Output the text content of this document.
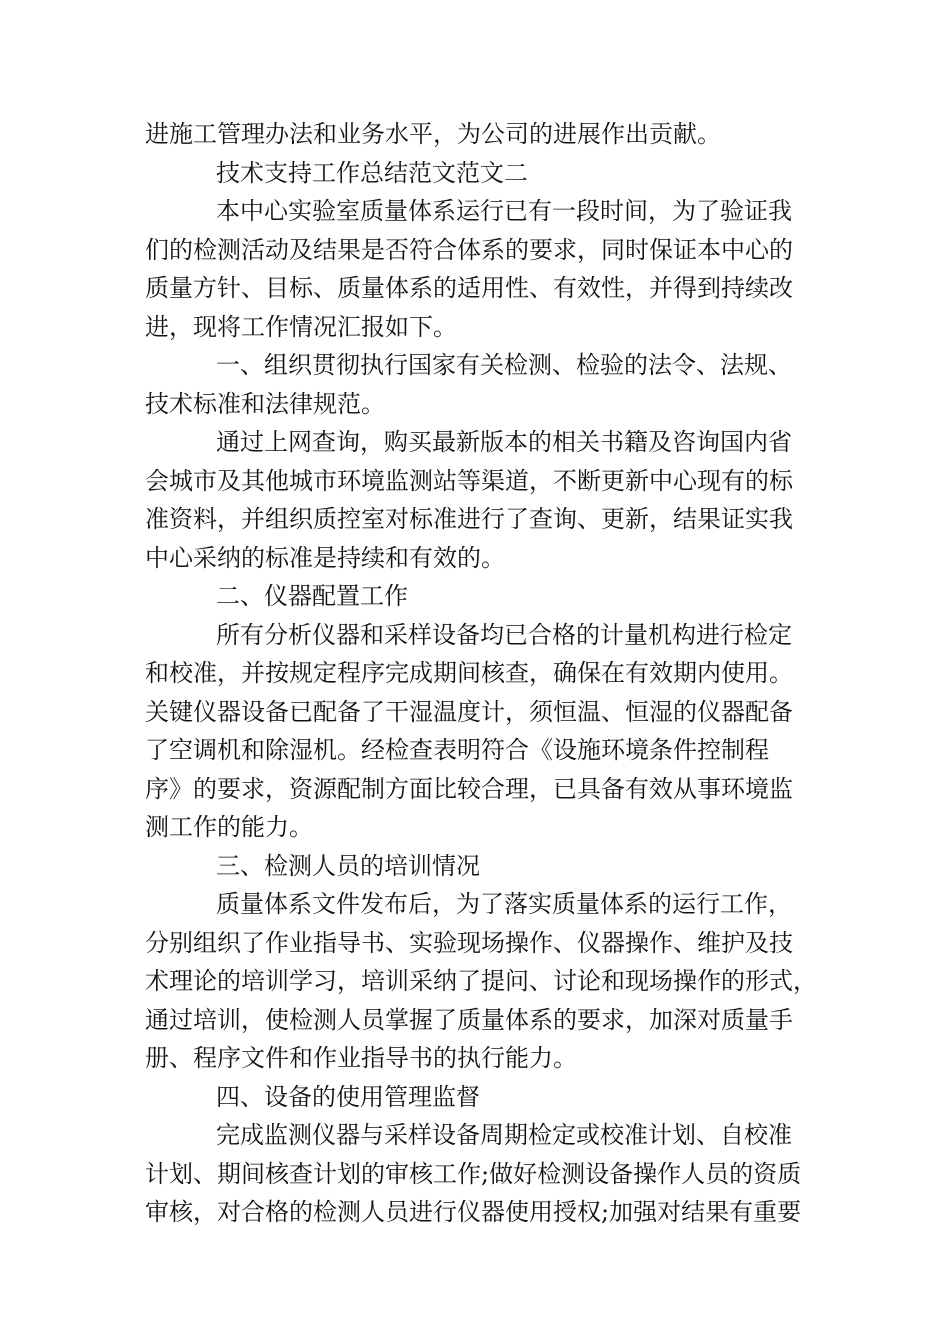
进施工管理办法和业务水平，为公司的进展作出贡献。
技术支持工作总结范文范文二
本中心实验室质量体系运行已有一段时间，为了验证我
们的检测活动及结果是否符合体系的要求，同时保证本中心的
质量方针、目标、质量体系的适用性、有效性，并得到持续改
进，现将工作情况汇报如下。
一、组织贯彻执行国家有关检测、检验的法令、法规、
技术标准和法律规范。
通过上网查询，购买最新版本的相关书籍及咨询国内省
会城市及其他城市环境监测站等渠道，不断更新中心现有的标
准资料，并组织质控室对标准进行了查询、更新，结果证实我
中心采纳的标准是持续和有效的。
二、仪器配置工作
所有分析仪器和采样设备均已合格的计量机构进行检定
和校准，并按规定程序完成期间核查，确保在有效期内使用。
关键仪器设备已配备了干湿温度计，须恒温、恒湿的仪器配备
了空调机和除湿机。经检查表明符合《设施环境条件控制程
序》的要求，资源配制方面比较合理，已具备有效从事环境监
测工作的能力。
三、检测人员的培训情况
质量体系文件发布后，为了落实质量体系的运行工作，
分别组织了作业指导书、实验现场操作、仪器操作、维护及技
术理论的培训学习，培训采纳了提问、讨论和现场操作的形式，
通过培训，使检测人员掌握了质量体系的要求，加深对质量手
册、程序文件和作业指导书的执行能力。
四、设备的使用管理监督
完成监测仪器与采样设备周期检定或校准计划、自校准
计划、期间核查计划的审核工作;做好检测设备操作人员的资质
审核，对合格的检测人员进行仪器使用授权;加强对结果有重要
